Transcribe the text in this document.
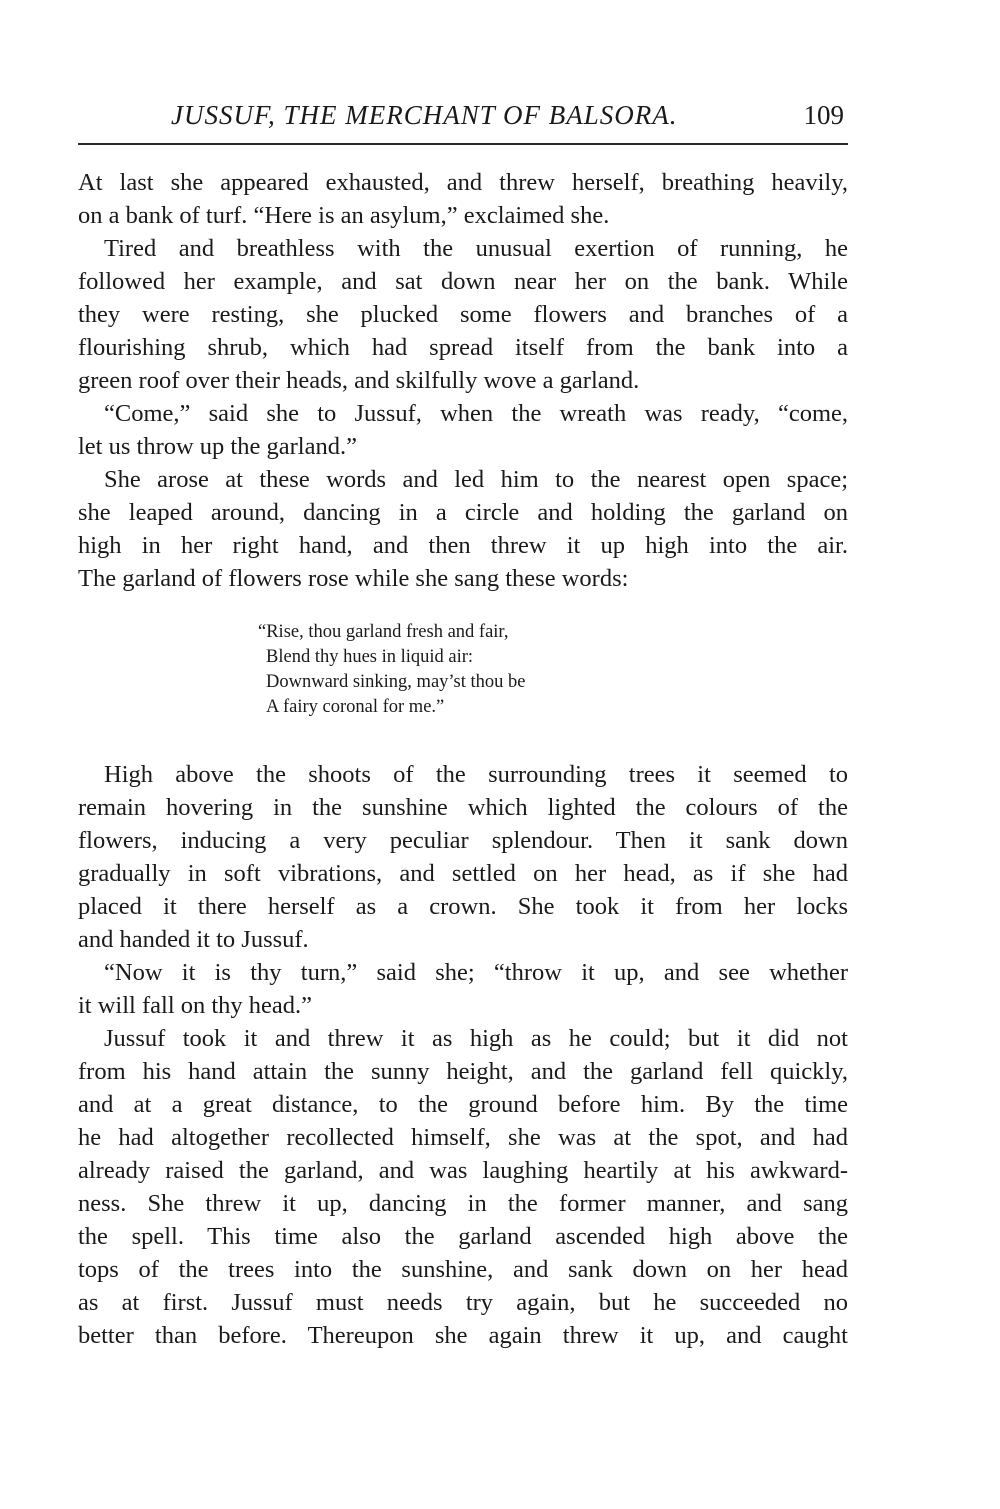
JUSSUF, THE MERCHANT OF BALSORA.	109
At last she appeared exhausted, and threw herself, breathing heavily,
on a bank of turf. “Here is an asylum,” exclaimed she.
Tired and breathless with the unusual exertion of running, he
followed her example, and sat down near her on the bank. While
they were resting, she plucked some flowers and branches of a
flourishing shrub, which had spread itself from the bank into a
green roof over their heads, and skilfully wove a garland.
“Come,” said she to Jussuf, when the wreath was ready, “come,
let us throw up the garland.”
She arose at these words and led him to the nearest open space;
she leaped around, dancing in a circle and holding the garland on
high in her right hand, and then threw it up high into the air.
The garland of flowers rose while she sang these words:
“Rise, thou garland fresh and fair,
Blend thy hues in liquid air:
Downward sinking, may’st thou be
A fairy coronal for me.”
High above the shoots of the surrounding trees it seemed to
remain hovering in the sunshine which lighted the colours of the
flowers, inducing a very peculiar splendour. Then it sank down
gradually in soft vibrations, and settled on her head, as if she had
placed it there herself as a crown. She took it from her locks
and handed it to Jussuf.
“Now it is thy turn,” said she; “throw it up, and see whether
it will fall on thy head.”
Jussuf took it and threw it as high as he could; but it did not
from his hand attain the sunny height, and the garland fell quickly,
and at a great distance, to the ground before him. By the time
he had altogether recollected himself, she was at the spot, and had
already raised the garland, and was laughing heartily at his awkward-
ness. She threw it up, dancing in the former manner, and sang
the spell. This time also the garland ascended high above the
tops of the trees into the sunshine, and sank down on her head
as at first. Jussuf must needs try again, but he succeeded no
better than before. Thereupon she again threw it up, and caught
